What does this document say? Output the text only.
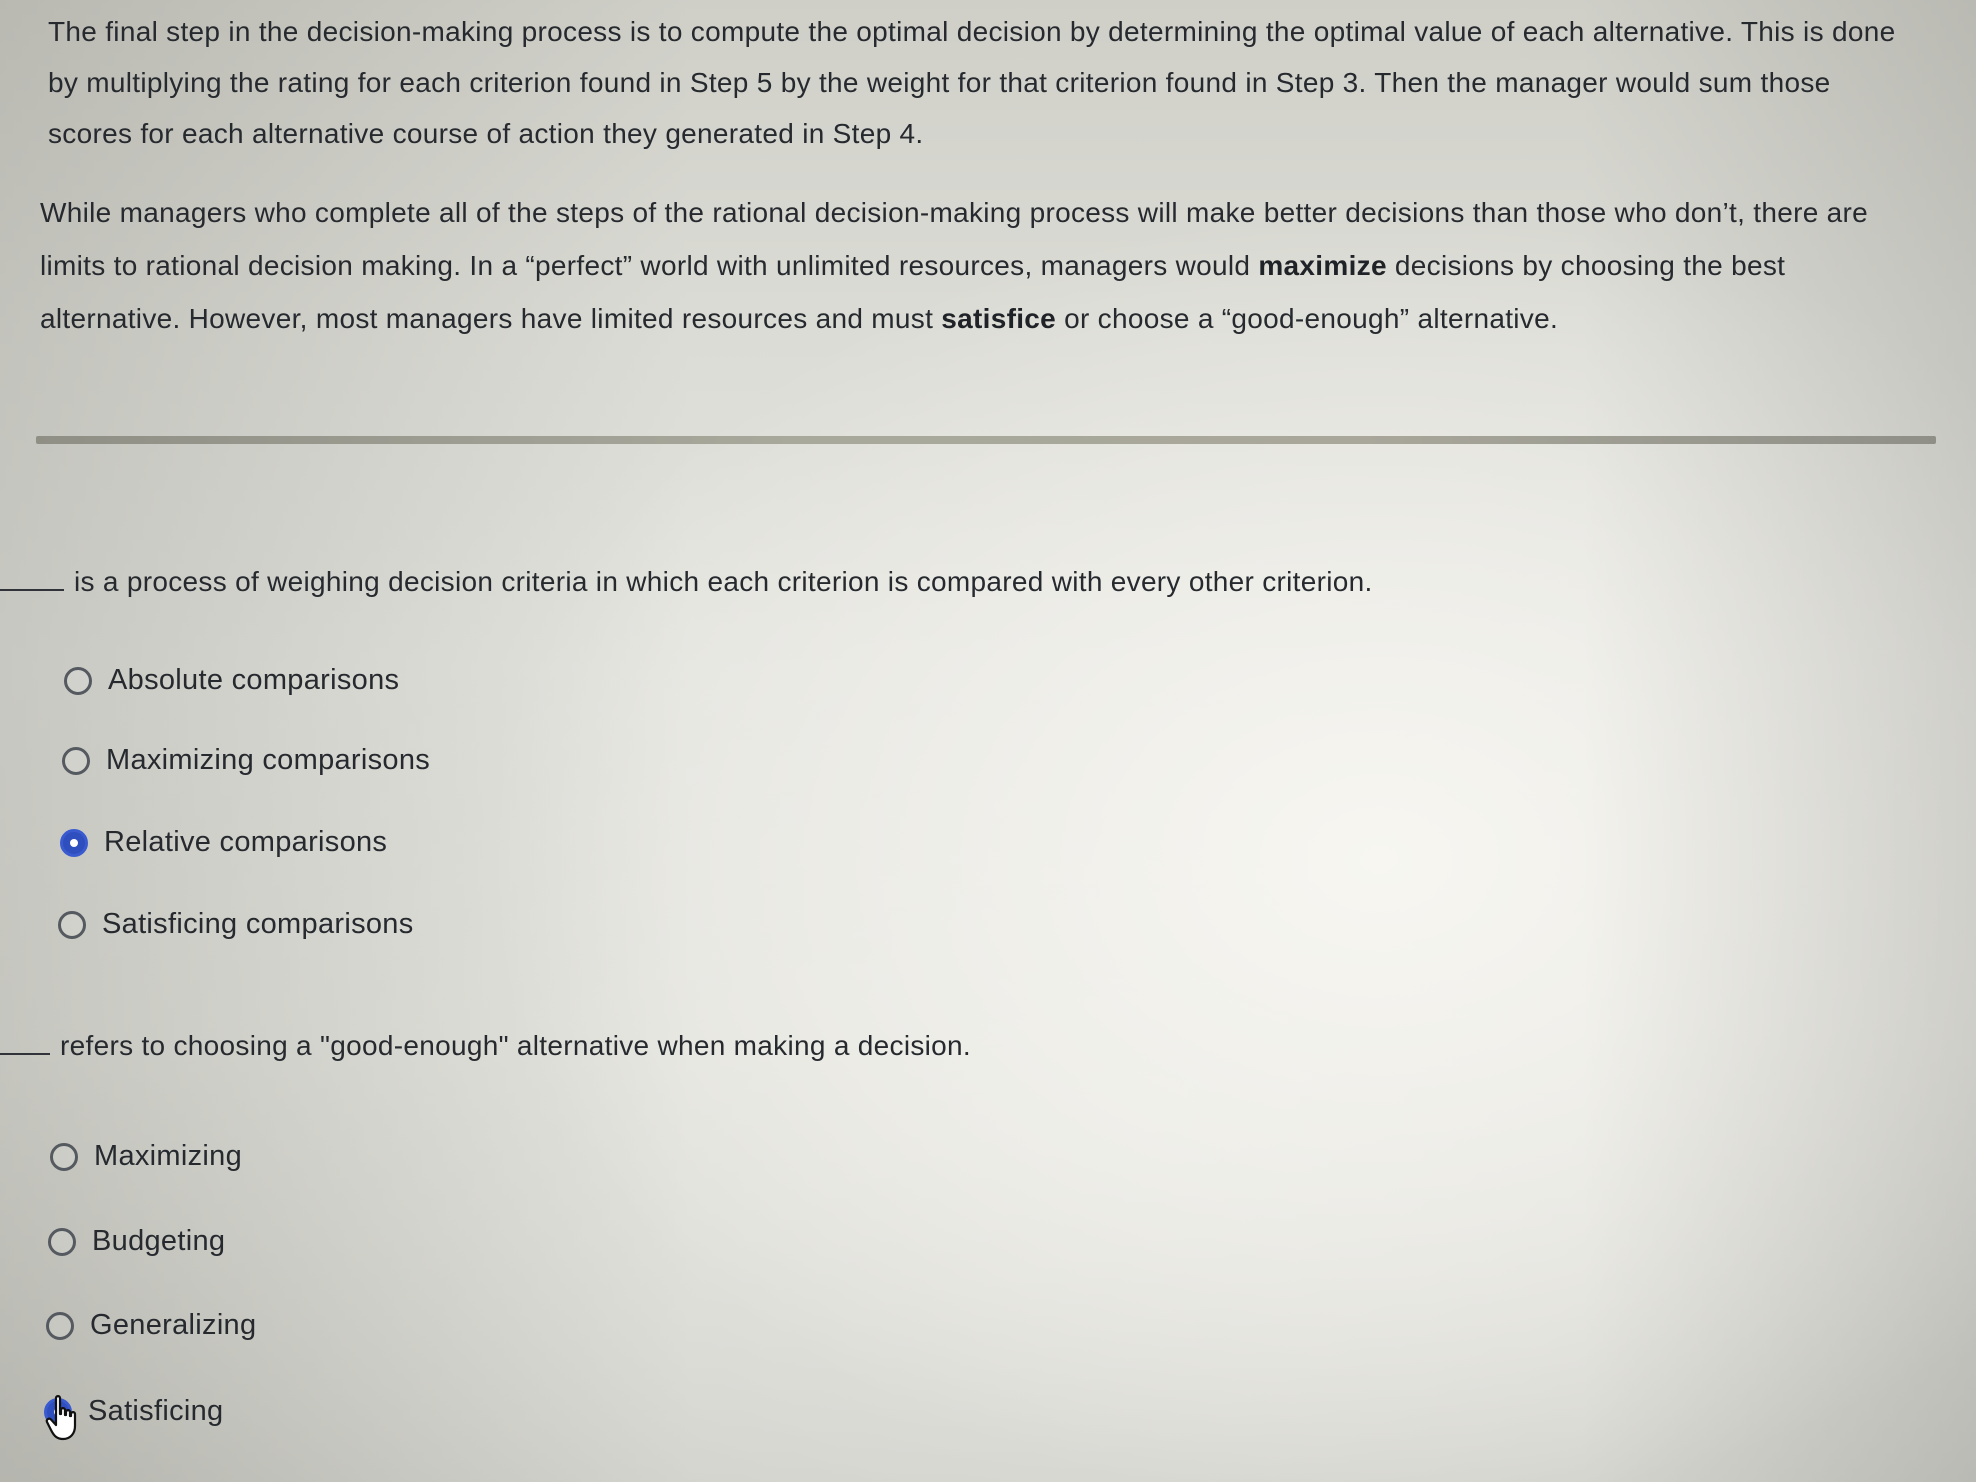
The final step in the decision-making process is to compute the optimal decision by determining the optimal value of each alternative. This is done by multiplying the rating for each criterion found in Step 5 by the weight for that criterion found in Step 3. Then the manager would sum those scores for each alternative course of action they generated in Step 4.

While managers who complete all of the steps of the rational decision-making process will make better decisions than those who don’t, there are limits to rational decision making. In a “perfect” world with unlimited resources, managers would maximize decisions by choosing the best alternative. However, most managers have limited resources and must satisfice or choose a “good-enough” alternative.

is a process of weighing decision criteria in which each criterion is compared with every other criterion.
Absolute comparisons
Maximizing comparisons
Relative comparisons
Satisficing comparisons
refers to choosing a "good-enough" alternative when making a decision.
Maximizing
Budgeting
Generalizing
Satisficing
